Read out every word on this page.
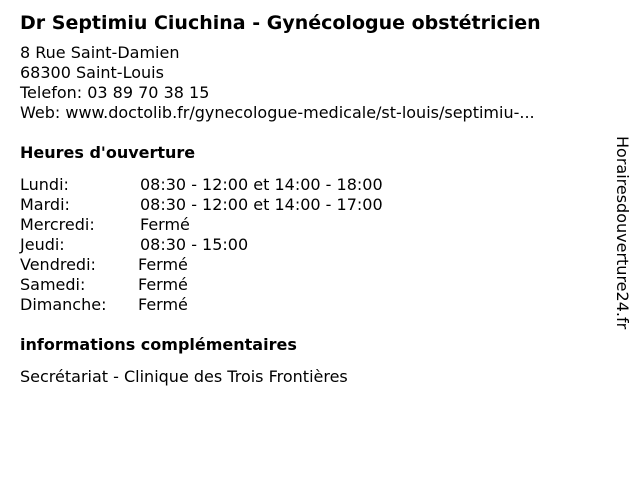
Dr Septimiu Ciuchina - Gynécologue obstétricien
8 Rue Saint-Damien
68300 Saint-Louis
Telefon: 03 89 70 38 15
Web: www.doctolib.fr/gynecologue-medicale/st-louis/septimiu-...
Heures d'ouverture
Lundi:	08:30 - 12:00 et 14:00 - 18:00
Mardi:	08:30 - 12:00 et 14:00 - 17:00
Mercredi:	Fermé
Jeudi:	08:30 - 15:00
Vendredi:	Fermé
Samedi:	Fermé
Dimanche:	Fermé
informations complémentaires
Secrétariat - Clinique des Trois Frontières
Horairesdouverture24.fr
